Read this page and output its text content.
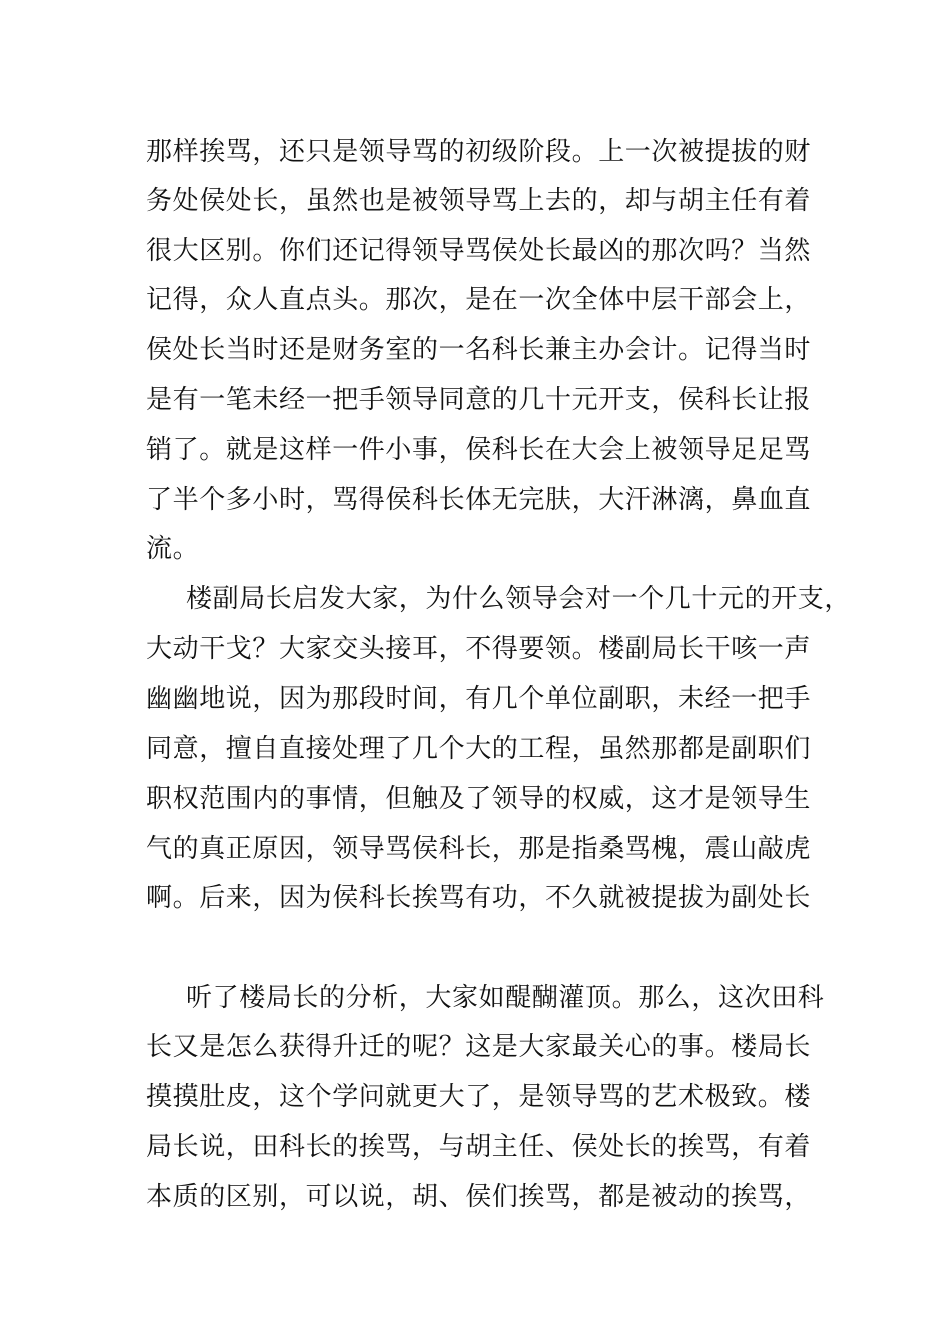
那样挨骂，还只是领导骂的初级阶段。上一次被提拔的财

务处侯处长，虽然也是被领导骂上去的，却与胡主任有着

很大区别。你们还记得领导骂侯处长最凶的那次吗？当然

记得，众人直点头。那次，是在一次全体中层干部会上，

侯处长当时还是财务室的一名科长兼主办会计。记得当时

是有一笔未经一把手领导同意的几十元开支，侯科长让报

销了。就是这样一件小事，侯科长在大会上被领导足足骂

了半个多小时，骂得侯科长体无完肤，大汗淋漓，鼻血直

流。

楼副局长启发大家，为什么领导会对一个几十元的开支，

大动干戈？大家交头接耳，不得要领。楼副局长干咳一声

幽幽地说，因为那段时间，有几个单位副职，未经一把手

同意，擅自直接处理了几个大的工程，虽然那都是副职们

职权范围内的事情，但触及了领导的权威，这才是领导生

气的真正原因，领导骂侯科长，那是指桑骂槐，震山敲虎

啊。后来，因为侯科长挨骂有功，不久就被提拔为副处长

听了楼局长的分析，大家如醍醐灌顶。那么，这次田科

长又是怎么获得升迁的呢？这是大家最关心的事。楼局长

摸摸肚皮，这个学问就更大了，是领导骂的艺术极致。楼

局长说，田科长的挨骂，与胡主任、侯处长的挨骂，有着

本质的区别，可以说，胡、侯们挨骂，都是被动的挨骂，
